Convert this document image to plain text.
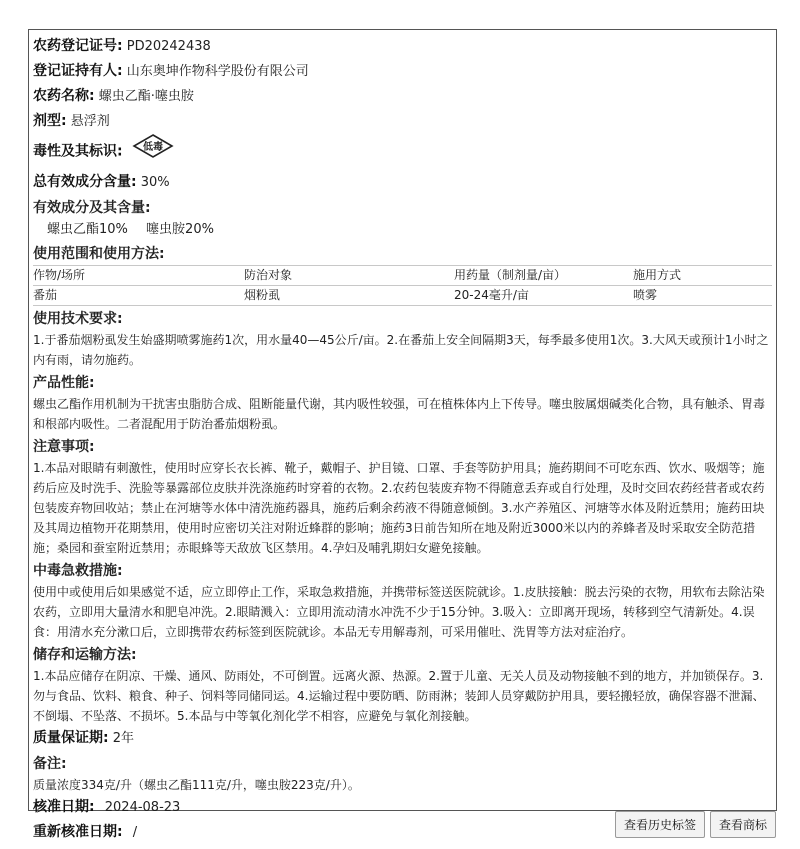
农药登记证号: PD20242438
登记证持有人: 山东奥坤作物科学股份有限公司
农药名称: 螺虫乙酯·噻虫胺
剂型: 悬浮剂
毒性及其标识: 低毒
总有效成分含量: 30%
有效成分及其含量:
螺虫乙酯10% 噻虫胺20%
使用范围和使用方法:
作物/场所	防治对象	用药量（制剂量/亩）	施用方式
番茄	烟粉虱	20-24毫升/亩	喷雾
使用技术要求:
1.于番茄烟粉虱发生始盛期喷雾施药1次，用水量40—45公斤/亩。2.在番茄上安全间隔期3天，每季最多使用1次。3.大风天或预计1小时之内有雨，请勿施药。
产品性能:
螺虫乙酯作用机制为干扰害虫脂肪合成、阻断能量代谢，其内吸性较强，可在植株体内上下传导。噻虫胺属烟碱类化合物，具有触杀、胃毒和根部内吸性。二者混配用于防治番茄烟粉虱。
注意事项:
1.本品对眼睛有刺激性，使用时应穿长衣长裤、靴子，戴帽子、护目镜、口罩、手套等防护用具；施药期间不可吃东西、饮水、吸烟等；施药后应及时洗手、洗脸等暴露部位皮肤并洗涤施药时穿着的衣物。2.农药包装废弃物不得随意丢弃或自行处理，及时交回农药经营者或农药包装废弃物回收站；禁止在河塘等水体中清洗施药器具，施药后剩余药液不得随意倾倒。3.水产养殖区、河塘等水体及附近禁用；施药田块及其周边植物开花期禁用，使用时应密切关注对附近蜂群的影响；施药3日前告知所在地及附近3000米以内的养蜂者及时采取安全防范措施；桑园和蚕室附近禁用；赤眼蜂等天敌放飞区禁用。4.孕妇及哺乳期妇女避免接触。
中毒急救措施:
使用中或使用后如果感觉不适，应立即停止工作，采取急救措施，并携带标签送医院就诊。1.皮肤接触：脱去污染的衣物，用软布去除沾染农药，立即用大量清水和肥皂冲洗。2.眼睛溅入：立即用流动清水冲洗不少于15分钟。3.吸入：立即离开现场，转移到空气清新处。4.误食：用清水充分漱口后，立即携带农药标签到医院就诊。本品无专用解毒剂，可采用催吐、洗胃等方法对症治疗。
储存和运输方法:
1.本品应储存在阴凉、干燥、通风、防雨处，不可倒置。远离火源、热源。2.置于儿童、无关人员及动物接触不到的地方，并加锁保存。3.勿与食品、饮料、粮食、种子、饲料等同储同运。4.运输过程中要防晒、防雨淋；装卸人员穿戴防护用具，要轻搬轻放，确保容器不泄漏、不倒塌、不坠落、不损坏。5.本品与中等氧化剂化学不相容，应避免与氧化剂接触。
质量保证期: 2年
备注:
质量浓度334克/升（螺虫乙酯111克/升，噻虫胺223克/升）。
核准日期: 2024-08-23
重新核准日期: /	查看历史标签	查看商标
